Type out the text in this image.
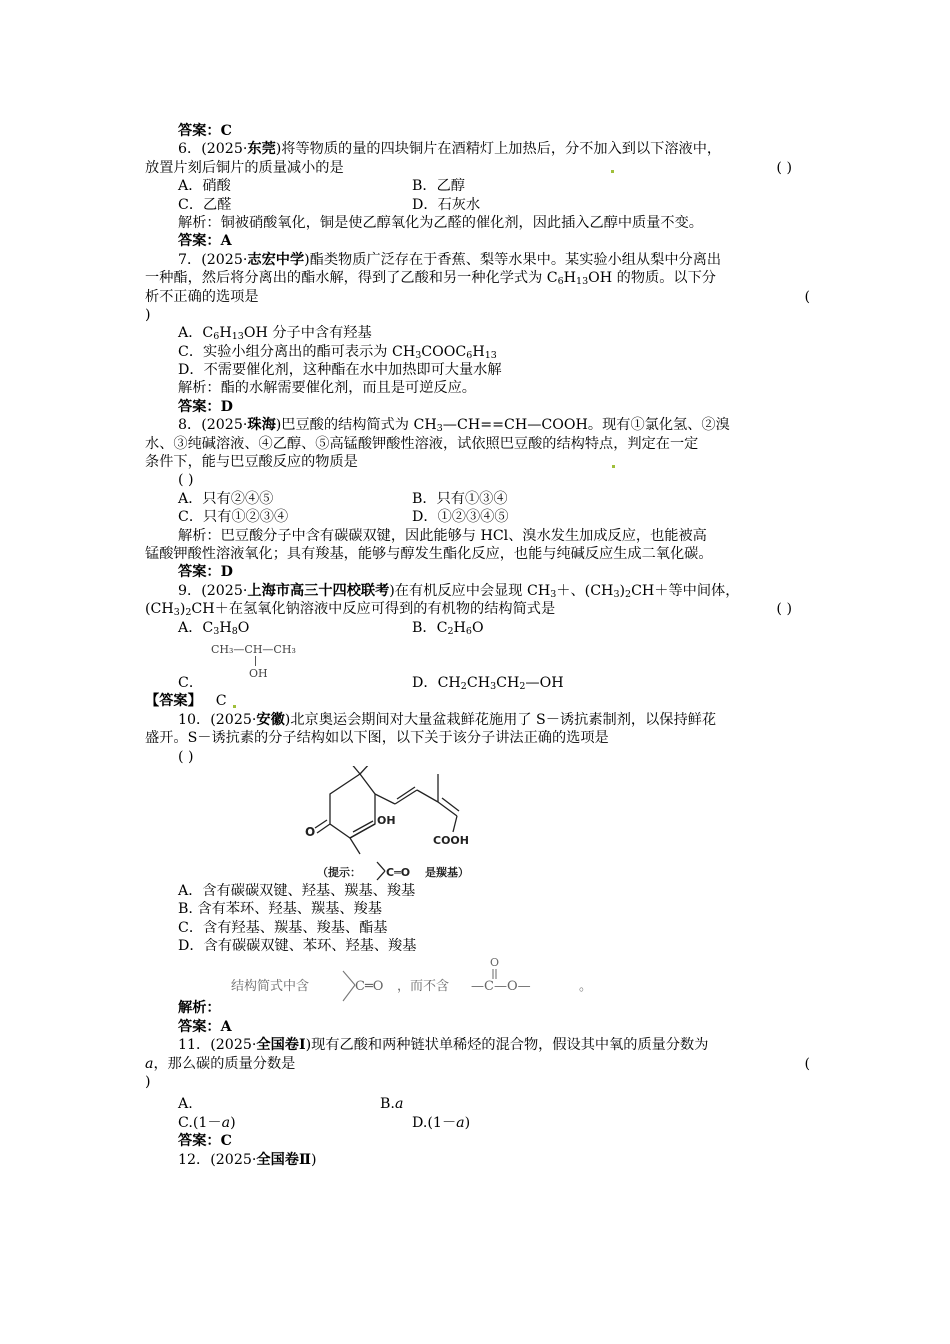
答案：C
6．(2025·东莞)将等物质的量的四块铜片在酒精灯上加热后，分不加入到以下溶液中，
放置片刻后铜片的质量减小的是	( )
A．硝酸	B．乙醇
C．乙醛	D．石灰水
解析：铜被硝酸氧化，铜是使乙醇氧化为乙醛的催化剂，因此插入乙醇中质量不变。
答案：A
7．(2025·志宏中学)酯类物质广泛存在于香蕉、梨等水果中。某实验小组从梨中分离出
一种酯，然后将分离出的酯水解，得到了乙酸和另一种化学式为 $C_6H_{13}OH$ 的物质。以下分
析不正确的选项是	(
)
A．$C_6H_{13}OH$ 分子中含有羟基
C．实验小组分离出的酯可表示为 $CH_3COOC_6H_{13}$
D．不需要催化剂，这种酯在水中加热即可大量水解
解析：酯的水解需要催化剂，而且是可逆反应。
答案：D
8．(2025·珠海)巴豆酸的结构简式为 $CH_3—CH==CH—COOH$。现有①氯化氢、②溴
水、③纯碱溶液、④乙醇、⑤高锰酸钾酸性溶液，试依照巴豆酸的结构特点，判定在一定
条件下，能与巴豆酸反应的物质是
( )
A．只有②④⑤	B．只有①③④
C．只有①②③④	D．①②③④⑤
解析：巴豆酸分子中含有碳碳双键，因此能够与 HCl、溴水发生加成反应，也能被高
锰酸钾酸性溶液氧化；具有羧基，能够与醇发生酯化反应，也能与纯碱反应生成二氧化碳。
答案：D
9．(2025·上海市高三十四校联考)在有机反应中会显现 $CH_3+$、$(CH_3)_2CH+$等中间体，
$(CH_3)_2CH+$在氢氧化钠溶液中反应可得到的有机物的结构简式是	( )
A．$C_3H_8O$	B．$C_2H_6O$
CH₃—CH—CH₃
OH
C．	D．$CH_2CH_3CH_2—OH$
【答案】 C
10．(2025·安徽)北京奥运会期间对大量盆栽鲜花施用了 S－诱抗素制剂，以保持鲜花
盛开。S－诱抗素的分子结构如以下图，以下关于该分子讲法正确的选项是
( )
OH
COOH
O
（提示： C═O 是羰基）
A．含有碳碳双键、羟基、羰基、羧基
B. 含有苯环、羟基、羰基、羧基
C．含有羟基、羰基、羧基、酯基
D．含有碳碳双键、苯环、羟基、羧基
结构简式中含	C═O ，而不含 —C—O—
O
。
解析：
答案：A
11．(2025·全国卷Ⅰ)现有乙酸和两种链状单稀烃的混合物，假设其中氧的质量分数为
a，那么碳的质量分数是	(
)
A.	B.a
C.(1－a)	D.(1－a)
答案：C
12．(2025·全国卷Ⅱ)
